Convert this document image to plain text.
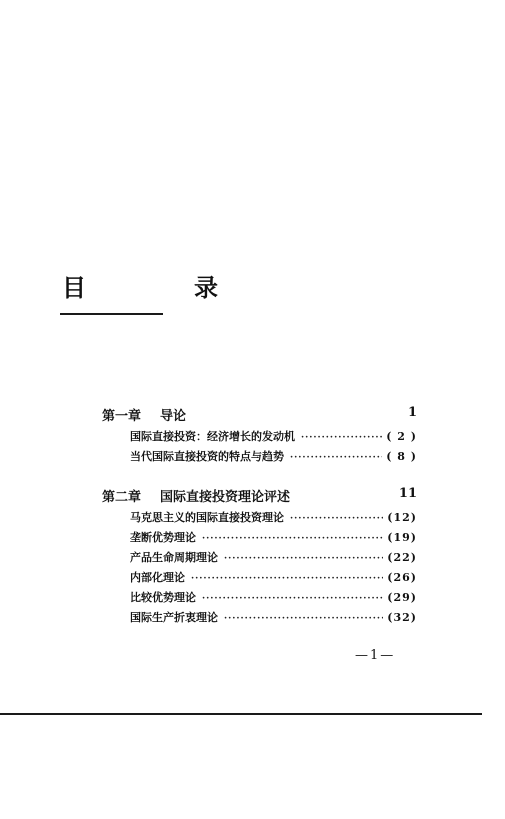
目　录
第一章 导论	1
国际直接投资：经济增长的发动机 ·····	( 2 )
当代国际直接投资的特点与趋势 ·····	( 8 )
第二章 国际直接投资理论评述	11
马克思主义的国际直接投资理论 ·····	(12)
垄断优势理论 ·····	(19)
产品生命周期理论 ·····	(22)
内部化理论 ·····	(26)
比较优势理论 ·····	(29)
国际生产折衷理论 ·····	(32)
—1—
